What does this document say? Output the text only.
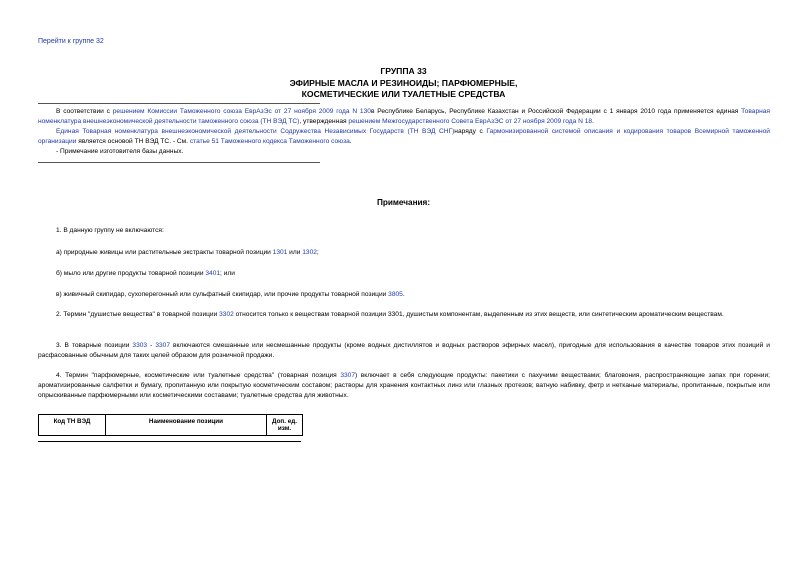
Перейти к группе 32
ГРУППА 33
ЭФИРНЫЕ МАСЛА И РЕЗИНОИДЫ; ПАРФЮМЕРНЫЕ,
КОСМЕТИЧЕСКИЕ ИЛИ ТУАЛЕТНЫЕ СРЕДСТВА
В соответствии с решением Комиссии Таможенного союза ЕврАзЭс от 27 ноября 2009 года N 130в Республике Беларусь, Республике Казахстан и Российской Федерации с 1 января 2010 года применяется единая Товарная номенклатура внешнеэкономической деятельности таможенного союза (ТН ВЭД ТС), утвержденная решением Межгосударственного Совета ЕврАзЭС от 27 ноября 2009 года N 18.
Единая Товарная номенклатура внешнеэкономической деятельности Содружества Независимых Государств (ТН ВЭД СНГ)наряду с Гармонизированной системой описания и кодирования товаров Всемирной таможенной организации является основой ТН ВЭД ТС. - См. статье 51 Таможенного кодекса Таможенного союза.
- Примечание изготовителя базы данных.
Примечания:
1. В данную группу не включаются:
а) природные живицы или растительные экстракты товарной позиции 1301 или 1302;
б) мыло или другие продукты товарной позиции 3401; или
в) живичный скипидар, сухоперегонный или сульфатный скипидар, или прочие продукты товарной позиции 3805.
2. Термин "душистые вещества" в товарной позиции 3302 относится только к веществам товарной позиции 3301, душистым компонентам, выделенным из этих веществ, или синтетическим ароматическим веществам.
3. В товарные позиции 3303 - 3307 включаются смешанные или несмешанные продукты (кроме водных дистиллятов и водных растворов эфирных масел), пригодные для использования в качестве товаров этих позиций и расфасованные обычным для таких целей образом для розничной продажи.
4. Термин "парфюмерные, косметические или туалетные средства" (товарная позиция 3307) включает в себя следующие продукты: пакетики с пахучими веществами; благовония, распространяющие запах при горении; ароматизированные салфетки и бумагу, пропитанную или покрытую косметическим составом; растворы для хранения контактных линз или глазных протезов; ватную набивку, фетр и нетканые материалы, пропитанные, покрытые или опрыскиванные парфюмерными или косметическими составами; туалетные средства для животных.
Код ТН ВЭД	Наименование позиции	Доп. ед.
изм.
